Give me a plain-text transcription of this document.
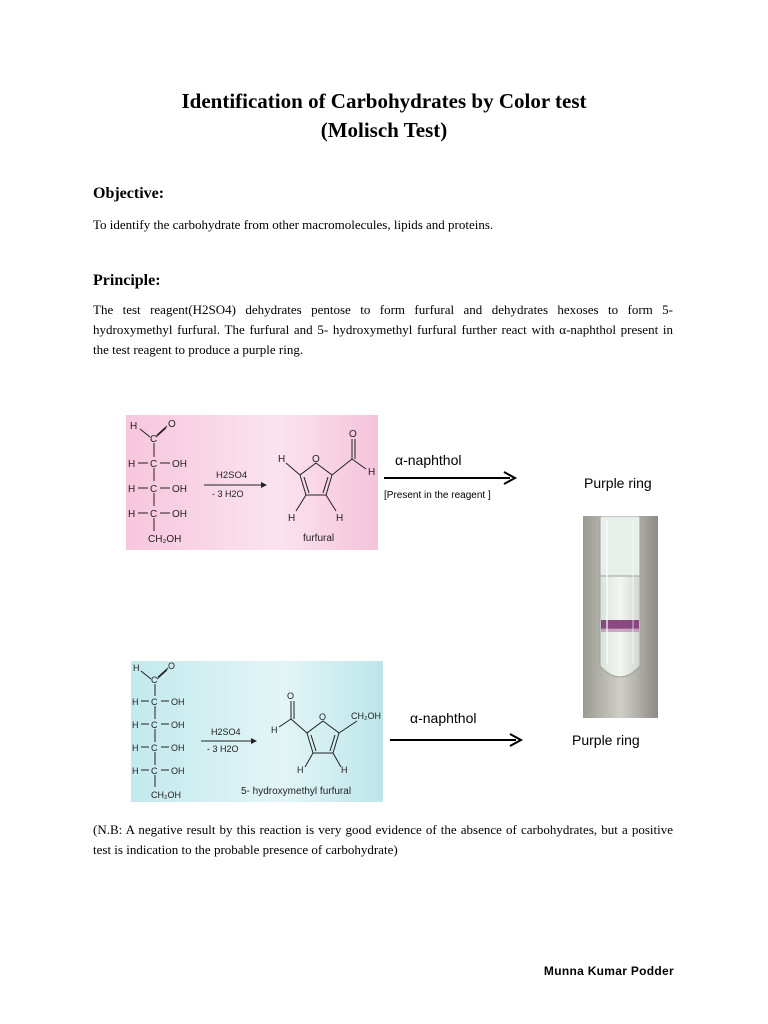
Identification of Carbohydrates by Color test
(Molisch Test)
Objective:
To identify the carbohydrate from other macromolecules, lipids and proteins.
Principle:
The test reagent(H2SO4) dehydrates pentose to form furfural and dehydrates hexoses to form 5- hydroxymethyl furfural. The furfural and 5- hydroxymethyl furfural further react with α-naphthol present in the test reagent to produce a purple ring.
H
C
O
H C OH
H C OH
H C OH
CH₂OH
H2SO4
- 3 H2O
O
O
H
H
H	H
furfural
α-naphthol
[Present in the reagent ]
Purple ring
H
C
O
H C OH
H C OH
H C OH
H C OH
CH₂OH
H2SO4
- 3 H2O
O
O
H
CH₂OH
H	H
5- hydroxymethyl furfural
α-naphthol
Purple ring
(N.B: A negative result by this reaction is very good evidence of the absence of carbohydrates, but a positive test is indication to the probable presence of carbohydrate)
Munna Kumar Podder
